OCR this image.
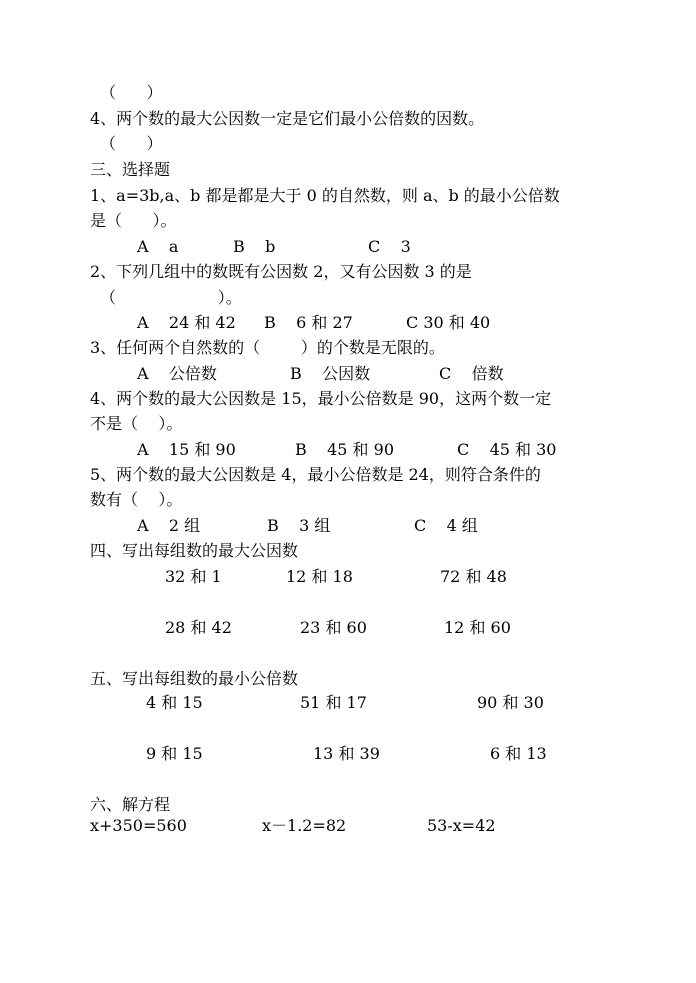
（      ）
4、两个数的最大公因数一定是它们最小公倍数的因数。
（      ）
三、选择题
1、a=3b,a、b 都是都是大于 0 的自然数，则 a、b 的最小公倍数
是（      ）。
A    a	B    b	C    3
2、下列几组中的数既有公因数 2，又有公因数 3 的是
（                    ）。
A    24 和 42 B    6 和 27	C 30 和 40
3、任何两个自然数的（        ）的个数是无限的。
A    公倍数	B    公因数	C    倍数
4、两个数的最大公因数是 15，最小公倍数是 90，这两个数一定
不是（    ）。
A    15 和 90	B    45 和 90	C    45 和 30
5、两个数的最大公因数是 4，最小公倍数是 24，则符合条件的
数有（    ）。
A    2 组	B    3 组	C    4 组
四、写出每组数的最大公因数
32 和 1	12 和 18	72 和 48
28 和 42	23 和 60	12 和 60
五、写出每组数的最小公倍数
4 和 15	51 和 17	90 和 30
9 和 15	13 和 39	6 和 13
六、解方程
x+350=560	x－1.2=82	53-x=42
